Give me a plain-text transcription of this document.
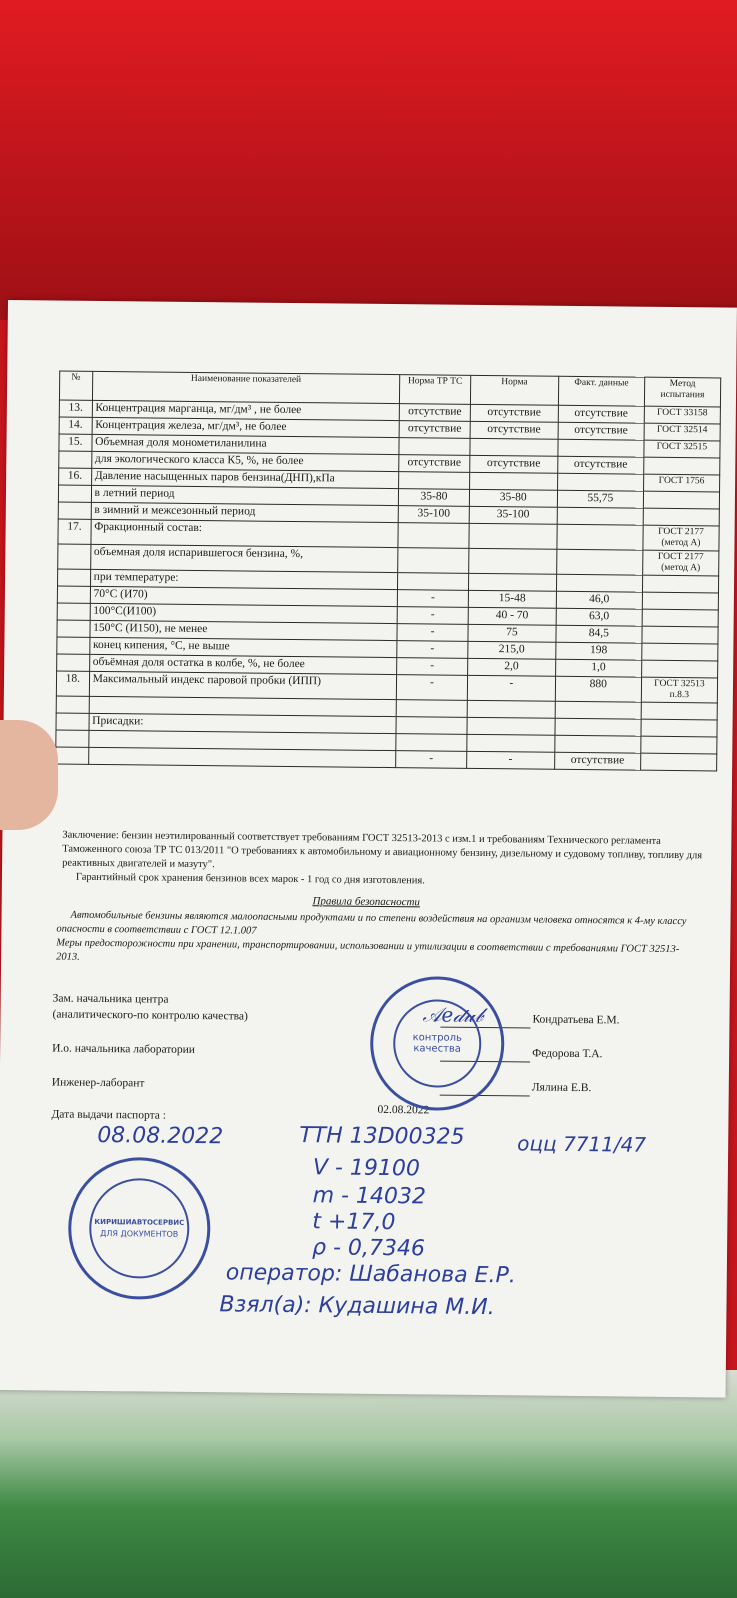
№	Наименование показателей	Норма ТР ТС	Норма	Факт. данные	Метод испытания
13.	Концентрация марганца, мг/дм³ , не более	отсутствие	отсутствие	отсутствие	ГОСТ 33158
14.	Концентрация железа, мг/дм³, не более	отсутствие	отсутствие	отсутствие	ГОСТ 32514
15.	Объемная доля монометиланилина				ГОСТ 32515
	для экологического класса К5, %, не более	отсутствие	отсутствие	отсутствие	
16.	Давление насыщенных паров бензина(ДНП),кПа				ГОСТ 1756
	в летний период	35-80	35-80	55,75	
	в зимний и межсезонный период	35-100	35-100		
17.	Фракционный состав:				ГОСТ 2177 (метод А)
	объемная доля испарившегося бензина, %,				ГОСТ 2177 (метод А)
	при температуре:				
	70°С (И70)	-	15-48	46,0	
	100°С(И100)	-	40 - 70	63,0	
	150°С (И150), не менее	-	75	84,5	
	конец кипения, °С, не выше	-	215,0	198	
	объёмная доля остатка в колбе, %, не более	-	2,0	1,0	
18.	Максимальный индекс паровой пробки (ИПП)	-	-	880	ГОСТ 32513 п.8.3

	Присадки:				

		-	-	отсутствие	

Заключение: бензин неэтилированный соответствует требованиям ГОСТ 32513-2013 с изм.1 и требованиям Технического регламента Таможенного союза ТР ТС 013/2011 "О требованиях к автомобильному и авиационному бензину, дизельному и судовому топливу, топливу для реактивных двигателей и мазуту".

Гарантийный срок хранения бензинов всех марок - 1 год со дня изготовления.

Правила безопасности

Автомобильные бензины являются малоопасными продуктами и по степени воздействия на организм человека относятся к 4-му классу опасности в соответствии с ГОСТ 12.1.007

Меры предосторожности при хранении, транспортировании, использовании и утилизации в соответствии с требованиями ГОСТ 32513-2013.

Зам. начальника центра
(аналитического-по контролю качества)	Кондратьева Е.М.
И.о. начальника лаборатории	Федорова Т.А.
Инженер-лаборант	Лялина Е.В.
Дата выдачи паспорта :	02.08.2022
контроль
качества
𝒜ℯ𝒹𝓊𝒷
КИРИШИАВТОСЕРВИС
ДЛЯ ДОКУМЕНТОВ
08.08.2022	ТТН 13D00325	оцц 7711/47
V - 19100
m - 14032
t +17,0
ρ - 0,7346
оператор: Шабанова Е.Р.
Взял(а): Кудашина М.И.
